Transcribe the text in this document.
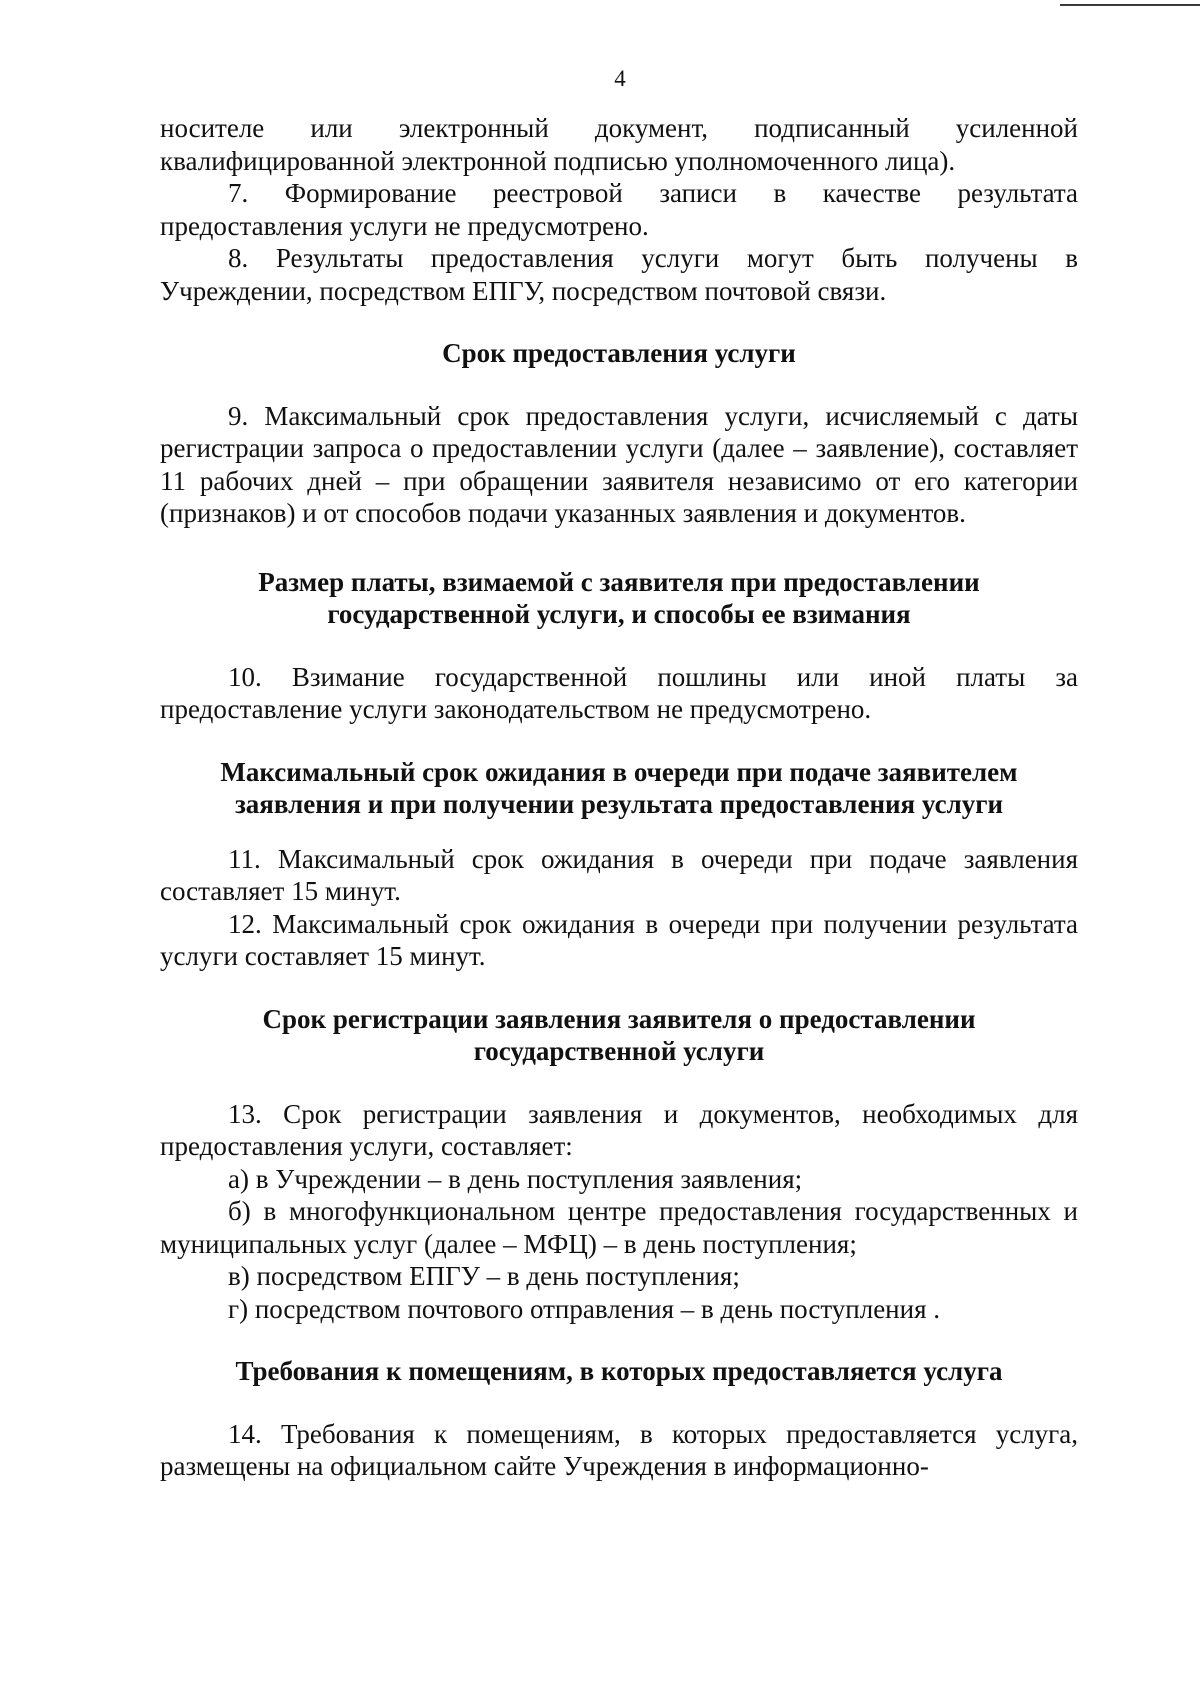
4

носителе или электронный документ, подписанный усиленной квалифицированной электронной подписью уполномоченного лица).

7. Формирование реестровой записи в качестве результата предоставления услуги не предусмотрено.

8. Результаты предоставления услуги могут быть получены в Учреждении, посредством ЕПГУ, посредством почтовой связи.

Срок предоставления услуги

9. Максимальный срок предоставления услуги, исчисляемый с даты регистрации запроса о предоставлении услуги (далее – заявление), составляет 11 рабочих дней – при обращении заявителя независимо от его категории (признаков) и от способов подачи указанных заявления и документов.

Размер платы, взимаемой с заявителя при предоставлении

государственной услуги, и способы ее взимания

10. Взимание государственной пошлины или иной платы за предоставление услуги законодательством не предусмотрено.

Максимальный срок ожидания в очереди при подаче заявителем

заявления и при получении результата предоставления услуги

11. Максимальный срок ожидания в очереди при подаче заявления составляет 15 минут.

12. Максимальный срок ожидания в очереди при получении результата услуги составляет 15 минут.

Срок регистрации заявления заявителя о предоставлении

государственной услуги

13. Срок регистрации заявления и документов, необходимых для предоставления услуги, составляет:

а) в Учреждении – в день поступления заявления;

б) в многофункциональном центре предоставления государственных и муниципальных услуг (далее – МФЦ) – в день поступления;

в) посредством ЕПГУ – в день поступления;

г) посредством почтового отправления – в день поступления .

Требования к помещениям, в которых предоставляется услуга

14. Требования к помещениям, в которых предоставляется услуга, размещены на официальном сайте Учреждения в информационно-
